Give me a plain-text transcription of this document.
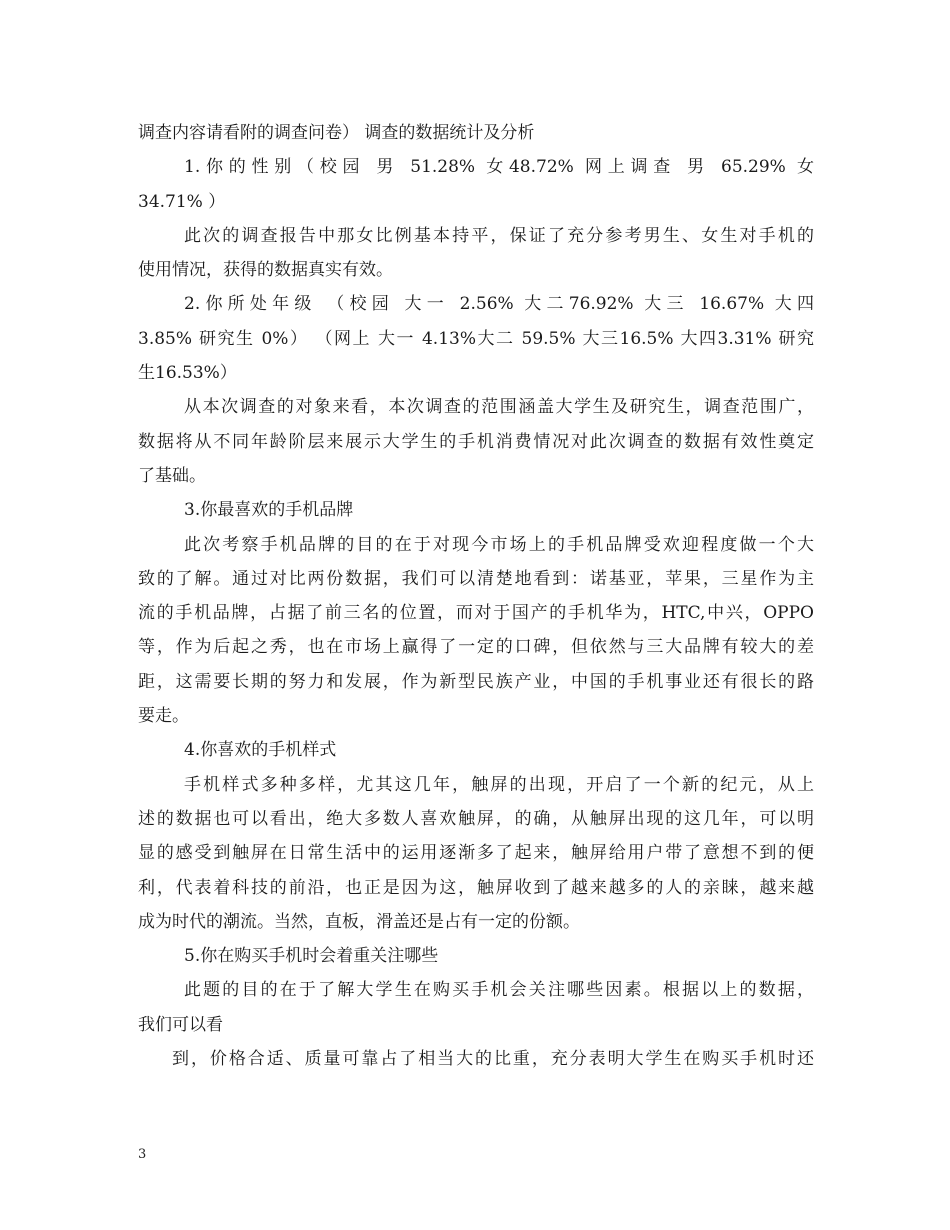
调查内容请看附的调查问卷） 调查的数据统计及分析
1.你的性别（校园 男 51.28% 女48.72% 网上调查 男 65.29% 女
34.71% ）
此次的调查报告中那女比例基本持平，保证了充分参考男生、女生对手机的
使用情况，获得的数据真实有效。
2.你所处年级 （校园 大一 2.56% 大二76.92% 大三 16.67% 大四
3.85% 研究生 0%） （网上 大一 4.13%大二 59.5% 大三16.5% 大四3.31% 研究
生16.53%）
从本次调查的对象来看，本次调查的范围涵盖大学生及研究生，调查范围广，
数据将从不同年龄阶层来展示大学生的手机消费情况对此次调查的数据有效性奠定
了基础。
3.你最喜欢的手机品牌
此次考察手机品牌的目的在于对现今市场上的手机品牌受欢迎程度做一个大
致的了解。通过对比两份数据，我们可以清楚地看到：诺基亚，苹果，三星作为主
流的手机品牌，占据了前三名的位置，而对于国产的手机华为，HTC,中兴，OPPO
等，作为后起之秀，也在市场上赢得了一定的口碑，但依然与三大品牌有较大的差
距，这需要长期的努力和发展，作为新型民族产业，中国的手机事业还有很长的路
要走。
4.你喜欢的手机样式
手机样式多种多样，尤其这几年，触屏的出现，开启了一个新的纪元，从上
述的数据也可以看出，绝大多数人喜欢触屏，的确，从触屏出现的这几年，可以明
显的感受到触屏在日常生活中的运用逐渐多了起来，触屏给用户带了意想不到的便
利，代表着科技的前沿，也正是因为这，触屏收到了越来越多的人的亲睐，越来越
成为时代的潮流。当然，直板，滑盖还是占有一定的份额。
5.你在购买手机时会着重关注哪些
此题的目的在于了解大学生在购买手机会关注哪些因素。根据以上的数据，
我们可以看
到，价格合适、质量可靠占了相当大的比重，充分表明大学生在购买手机时还
3
